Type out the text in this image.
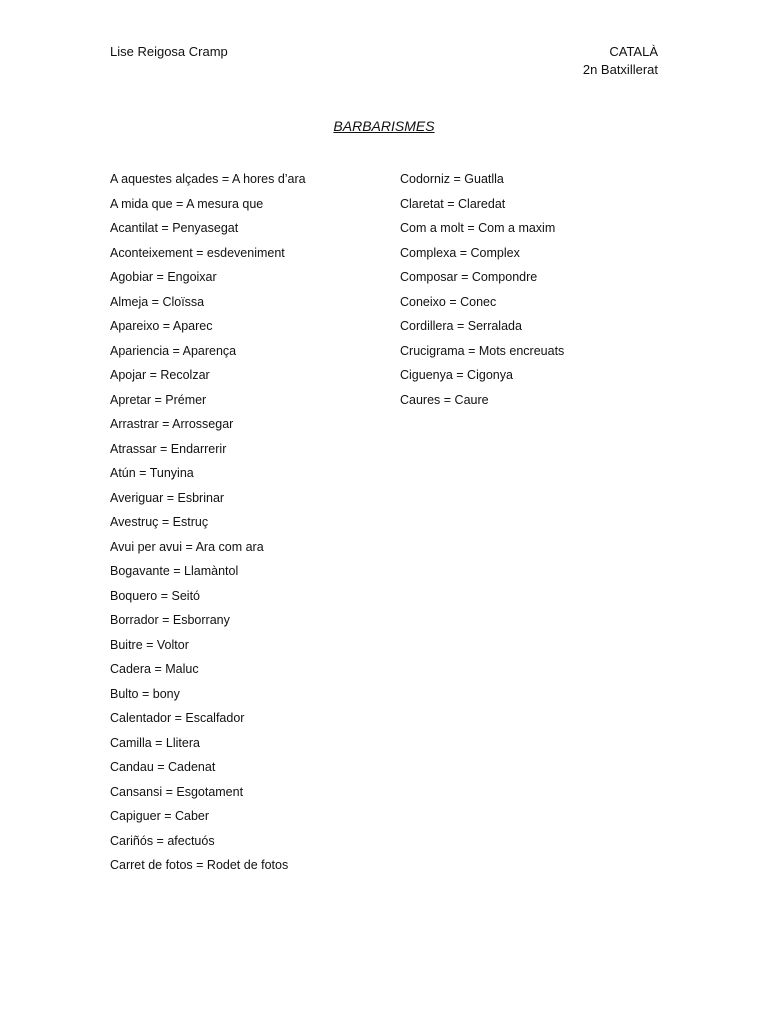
Lise Reigosa Cramp	CATALÀ
2n Batxillerat
BARBARISMES
A aquestes alçades = A hores d’ara
A mida que = A mesura que
Acantilat = Penyasegat
Aconteixement = esdeveniment
Agobiar = Engoixar
Almeja = Cloïssa
Apareixo = Aparec
Apariencia = Aparença
Apojar = Recolzar
Apretar = Prémer
Arrastrar = Arrossegar
Atrassar = Endarrerir
Atún = Tunyina
Averiguar = Esbrinar
Avestruç = Estruç
Avui per avui = Ara com ara
Bogavante = Llamàntol
Boquero = Seitó
Borrador = Esborrany
Buitre = Voltor
Cadera = Maluc
Bulto = bony
Calentador = Escalfador
Camilla = Llitera
Candau = Cadenat
Cansansi = Esgotament
Capiguer = Caber
Cariñós = afectuós
Carret de fotos = Rodet de fotos
Codorniz = Guatlla
Claretat = Claredat
Com a molt = Com a maxim
Complexa = Complex
Composar = Compondre
Coneixo = Conec
Cordillera = Serralada
Crucigrama = Mots encreuats
Ciguenya = Cigonya
Caures = Caure
